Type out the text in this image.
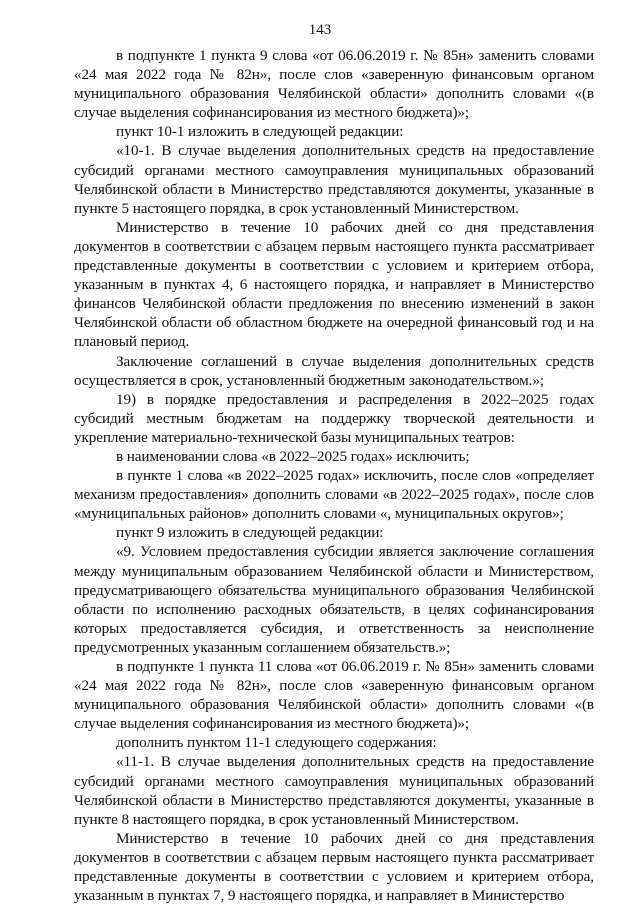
143

в подпункте 1 пункта 9 слова «от 06.06.2019 г. № 85н» заменить словами «24 мая 2022 года № 82н», после слов «заверенную финансовым органом муниципального образования Челябинской области» дополнить словами «(в случае выделения софинансирования из местного бюджета)»;

пункт 10-1 изложить в следующей редакции:

«10-1. В случае выделения дополнительных средств на предоставление субсидий органами местного самоуправления муниципальных образований Челябинской области в Министерство представляются документы, указанные в пункте 5 настоящего порядка, в срок установленный Министерством.

Министерство в течение 10 рабочих дней со дня представления документов в соответствии с абзацем первым настоящего пункта рассматривает представленные документы в соответствии с условием и критерием отбора, указанным в пунктах 4, 6 настоящего порядка, и направляет в Министерство финансов Челябинской области предложения по внесению изменений в закон Челябинской области об областном бюджете на очередной финансовый год и на плановый период.

Заключение соглашений в случае выделения дополнительных средств осуществляется в срок, установленный бюджетным законодательством.»;

19) в порядке предоставления и распределения в 2022–2025 годах субсидий местным бюджетам на поддержку творческой деятельности и укрепление материально-технической базы муниципальных театров:

в наименовании слова «в 2022–2025 годах» исключить;

в пункте 1 слова «в 2022–2025 годах» исключить, после слов «определяет механизм предоставления» дополнить словами «в 2022–2025 годах», после слов «муниципальных районов» дополнить словами «, муниципальных округов»;

пункт 9 изложить в следующей редакции:

«9. Условием предоставления субсидии является заключение соглашения между муниципальным образованием Челябинской области и Министерством, предусматривающего обязательства муниципального образования Челябинской области по исполнению расходных обязательств, в целях софинансирования которых предоставляется субсидия, и ответственность за неисполнение предусмотренных указанным соглашением обязательств.»;

в подпункте 1 пункта 11 слова «от 06.06.2019 г. № 85н» заменить словами «24 мая 2022 года № 82н», после слов «заверенную финансовым органом муниципального образования Челябинской области» дополнить словами «(в случае выделения софинансирования из местного бюджета)»;

дополнить пунктом 11-1 следующего содержания:

«11-1. В случае выделения дополнительных средств на предоставление субсидий органами местного самоуправления муниципальных образований Челябинской области в Министерство представляются документы, указанные в пункте 8 настоящего порядка, в срок установленный Министерством.

Министерство в течение 10 рабочих дней со дня представления документов в соответствии с абзацем первым настоящего пункта рассматривает представленные документы в соответствии с условием и критерием отбора, указанным в пунктах 7, 9 настоящего порядка, и направляет в Министерство
